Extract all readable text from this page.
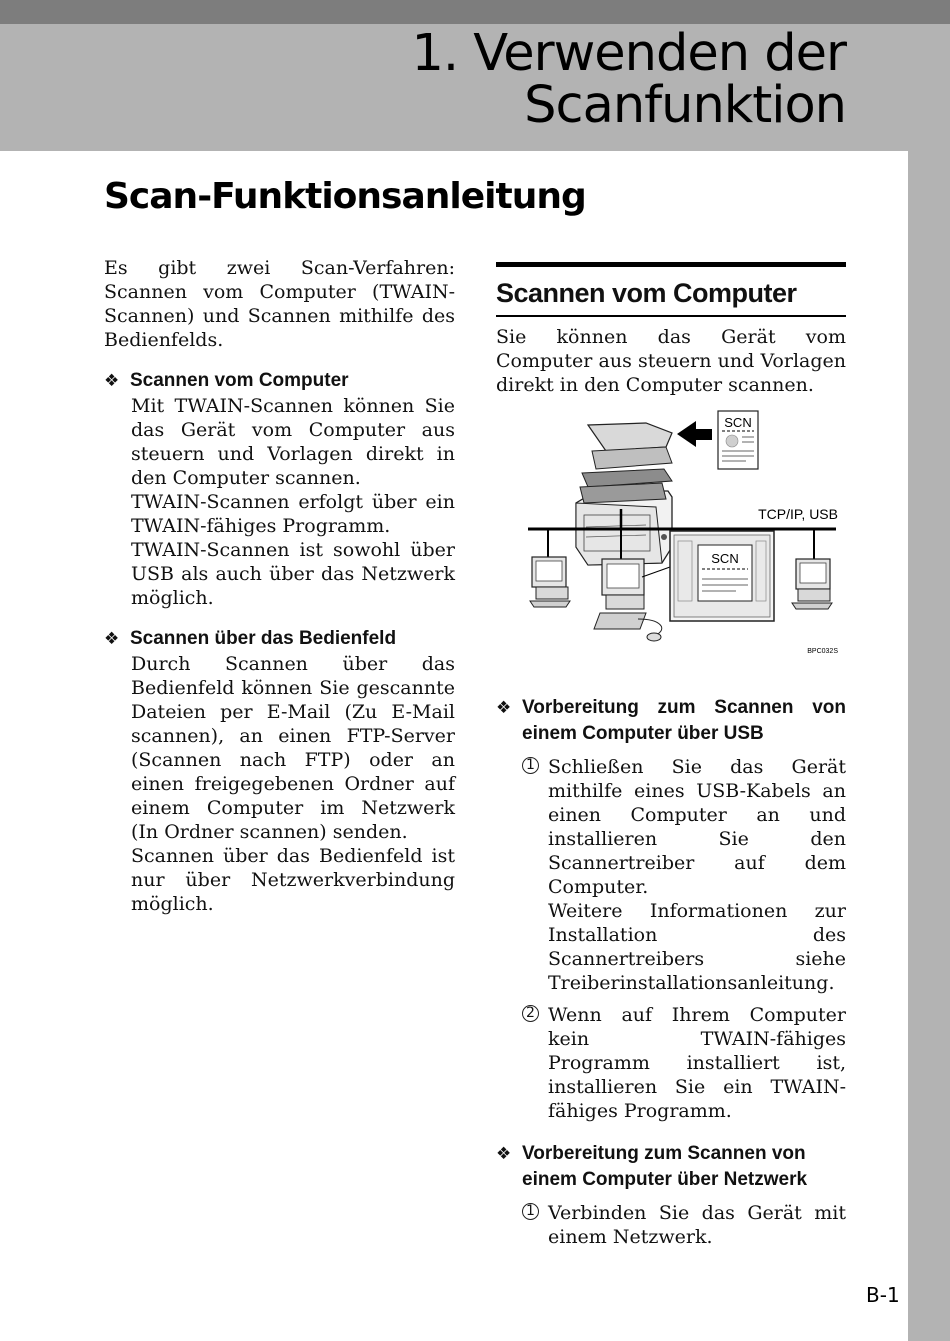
1. Verwenden der
Scanfunktion
Scan-Funktionsanleitung

Es gibt zwei Scan-Verfahren: Scannen vom Computer (TWAIN-Scannen) und Scannen mithilfe des Bedienfelds.

❖ Scannen vom Computer

Mit TWAIN-Scannen können Sie das Gerät vom Computer aus steuern und Vorlagen direkt in den Computer scannen.

TWAIN-Scannen erfolgt über ein TWAIN-fähiges Programm.

TWAIN-Scannen ist sowohl über USB als auch über das Netzwerk möglich.

❖ Scannen über das Bedienfeld

Durch Scannen über das Bedienfeld können Sie gescannte Dateien per E-Mail (Zu E-Mail scannen), an einen FTP-Server (Scannen nach FTP) oder an einen freigegebenen Ordner auf einem Computer im Netzwerk (In Ordner scannen) senden.

Scannen über das Bedienfeld ist nur über Netzwerkverbindung möglich.

Scannen vom Computer

Sie können das Gerät vom Computer aus steuern und Vorlagen direkt in den Computer scannen.

SCN
TCP/IP, USB
SCN
BPC032S
❖ Vorbereitung zum Scannen von einem Computer über USB
1 Schließen Sie das Gerät mithilfe eines USB-Kabels an einen Computer an und installieren Sie den Scannertreiber auf dem Computer.

Weitere Informationen zur Installation des Scannertreibers siehe Treiberinstallationsanleitung.

2 Wenn auf Ihrem Computer kein TWAIN-fähiges Programm installiert ist, installieren Sie ein TWAIN-fähiges Programm.

❖ Vorbereitung zum Scannen von einem Computer über Netzwerk
1 Verbinden Sie das Gerät mit einem Netzwerk.

B-1
